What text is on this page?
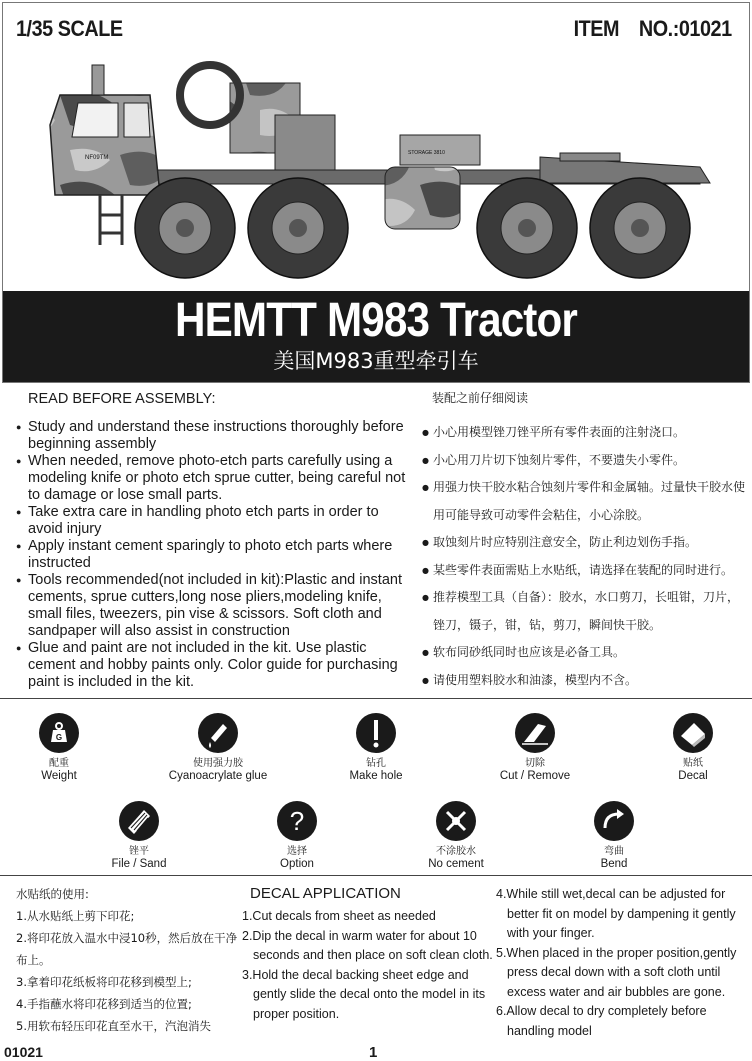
1/35 SCALE	ITEM NO.:01021
STORAGE 3810
NF09TM
HEMTT M983 Tractor
美国M983重型牵引车
READ BEFORE ASSEMBLY:
● Study and understand these instructions thoroughly before beginning assembly
● When needed, remove photo-etch parts carefully using a modeling knife or photo etch sprue cutter, being careful not to damage or lose small parts.
● Take extra care in handling photo etch parts in order to avoid injury
● Apply instant cement sparingly to photo etch parts where instructed
● Tools recommended(not included in kit):Plastic and instant cements, sprue cutters,long nose pliers,modeling knife, small files, tweezers, pin vise & scissors. Soft cloth and sandpaper will also assist in construction
● Glue and paint are not included in the kit. Use plastic cement and hobby paints only. Color guide for purchasing paint is included in the kit.
装配之前仔细阅读
● 小心用模型锉刀锉平所有零件表面的注射浇口。
● 小心用刀片切下蚀刻片零件，不要遗失小零件。
● 用强力快干胶水粘合蚀刻片零件和金属轴。过量快干胶水使用可能导致可动零件会粘住，小心涂胶。
● 取蚀刻片时应特别注意安全，防止利边划伤手指。
● 某些零件表面需贴上水贴纸，请选择在装配的同时进行。
● 推荐模型工具（自备）：胶水，水口剪刀，长咀钳，刀片，锉刀，镊子，钳，钻，剪刀，瞬间快干胶。
● 软布同砂纸同时也应该是必备工具。
● 请使用塑料胶水和油漆，模型内不含。
G
配重
Weight
使用强力胶
Cyanoacrylate glue
钻孔
Make hole
切除
Cut / Remove
贴纸
Decal
锉平
File / Sand
?
选择
Option
不涂胶水
No cement
弯曲
Bend
水贴纸的使用:
1.从水贴纸上剪下印花;
2.将印花放入温水中浸10秒，然后放在干净布上。
3.拿着印花纸板将印花移到模型上;
4.手指蘸水将印花移到适当的位置;
5.用软布轻压印花直至水干，汽泡消失
DECAL APPLICATION
1.Cut decals from sheet as needed
2.Dip the decal in warm water for about 10 seconds and then place on soft clean cloth.
3.Hold the decal backing sheet edge and gently slide the decal onto the model in its proper position.
4.While still wet,decal can be adjusted for better fit on model by dampening it gently with your finger.
5.When placed in the proper position,gently press decal down with a soft cloth until excess water and air bubbles are gone.
6.Allow decal to dry completely before handling model
01021	1
